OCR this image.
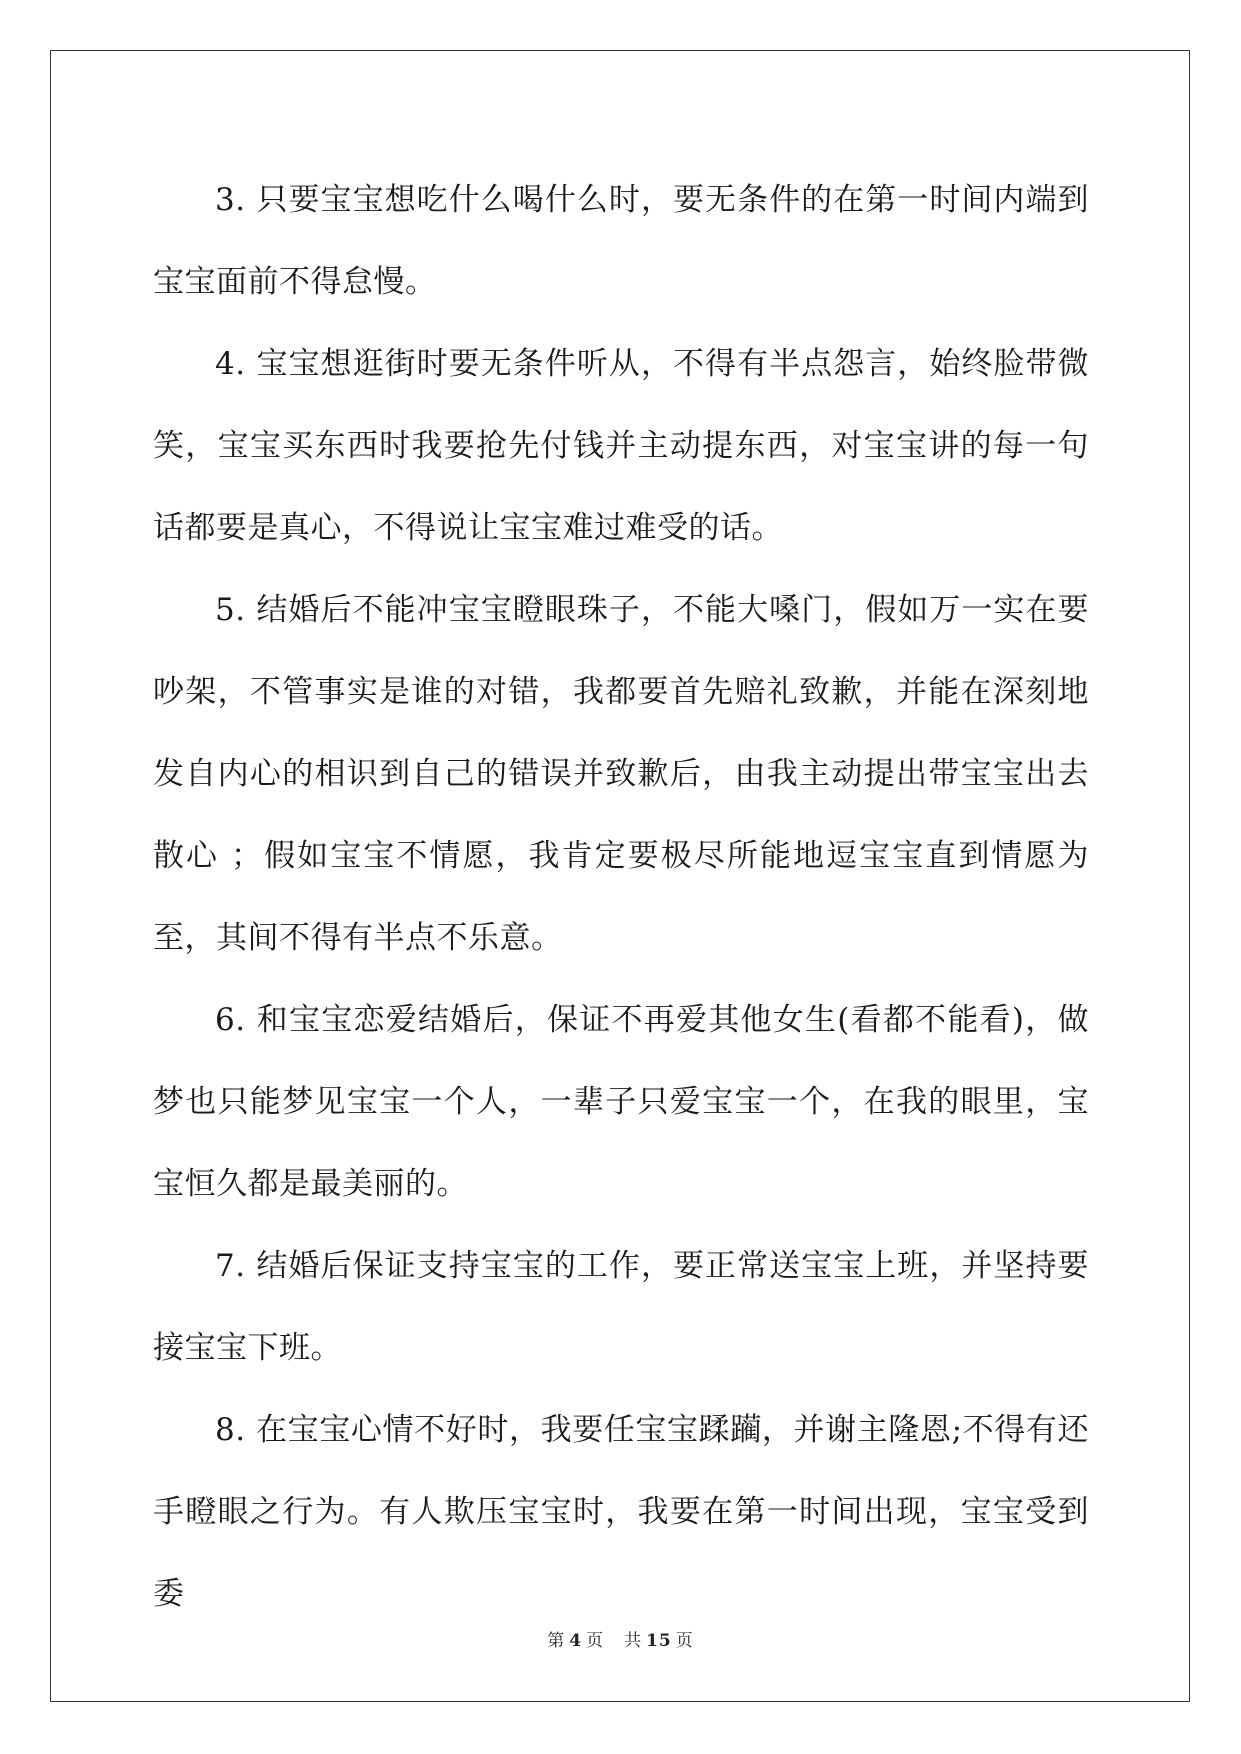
3. 只要宝宝想吃什么喝什么时，要无条件的在第一时间内端到宝宝面前不得怠慢。

4. 宝宝想逛街时要无条件听从，不得有半点怨言，始终脸带微笑，宝宝买东西时我要抢先付钱并主动提东西，对宝宝讲的每一句话都要是真心，不得说让宝宝难过难受的话。

5. 结婚后不能冲宝宝瞪眼珠子，不能大嗓门，假如万一实在要吵架，不管事实是谁的对错，我都要首先赔礼致歉，并能在深刻地发自内心的相识到自己的错误并致歉后，由我主动提出带宝宝出去散心 ；假如宝宝不情愿，我肯定要极尽所能地逗宝宝直到情愿为至，其间不得有半点不乐意。

6. 和宝宝恋爱结婚后，保证不再爱其他女生(看都不能看)，做梦也只能梦见宝宝一个人，一辈子只爱宝宝一个，在我的眼里，宝宝恒久都是最美丽的。

7. 结婚后保证支持宝宝的工作，要正常送宝宝上班，并坚持要接宝宝下班。

8. 在宝宝心情不好时，我要任宝宝蹂躏，并谢主隆恩;不得有还手瞪眼之行为。有人欺压宝宝时，我要在第一时间出现，宝宝受到委

第 4 页 共 15 页
